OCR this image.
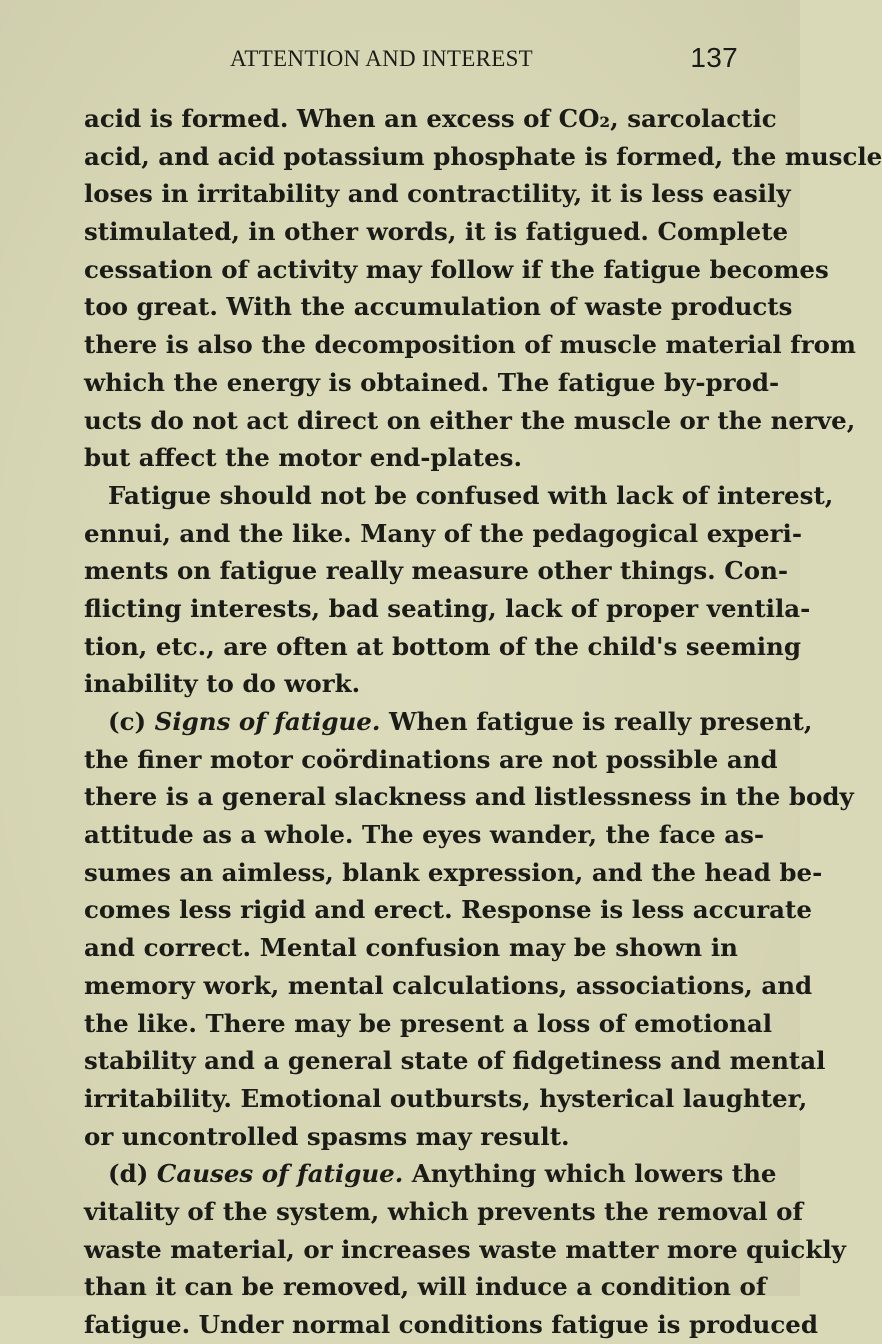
ATTENTION AND INTEREST	137
acid is formed. When an excess of CO₂, sarcolactic
acid, and acid potassium phosphate is formed, the muscle
loses in irritability and contractility, it is less easily
stimulated, in other words, it is fatigued. Complete
cessation of activity may follow if the fatigue becomes
too great. With the accumulation of waste products
there is also the decomposition of muscle material from
which the energy is obtained. The fatigue by-prod-
ucts do not act direct on either the muscle or the nerve,
but affect the motor end-plates.
Fatigue should not be confused with lack of interest,
ennui, and the like. Many of the pedagogical experi-
ments on fatigue really measure other things. Con-
flicting interests, bad seating, lack of proper ventila-
tion, etc., are often at bottom of the child's seeming
inability to do work.
(c) Signs of fatigue. When fatigue is really present,
the finer motor coördinations are not possible and
there is a general slackness and listlessness in the body
attitude as a whole. The eyes wander, the face as-
sumes an aimless, blank expression, and the head be-
comes less rigid and erect. Response is less accurate
and correct. Mental confusion may be shown in
memory work, mental calculations, associations, and
the like. There may be present a loss of emotional
stability and a general state of fidgetiness and mental
irritability. Emotional outbursts, hysterical laughter,
or uncontrolled spasms may result.
(d) Causes of fatigue. Anything which lowers the
vitality of the system, which prevents the removal of
waste material, or increases waste matter more quickly
than it can be removed, will induce a condition of
fatigue. Under normal conditions fatigue is produced
